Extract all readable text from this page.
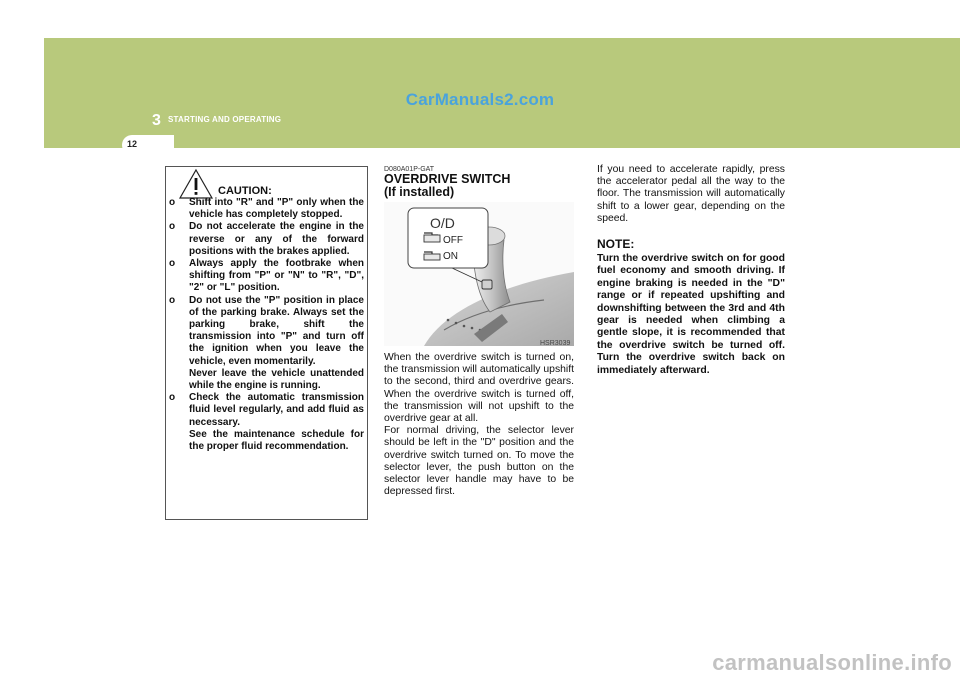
CarManuals2.com
3 STARTING AND OPERATING
12
CAUTION:
o	Shift into "R" and "P" only when the vehicle has completely stopped.

o	Do not accelerate the engine in the reverse or any of the forward positions with the brakes applied.

o	Always apply the footbrake when shifting from "P" or "N" to "R", "D", "2" or "L" position.

o	Do not use the "P" position in place of the parking brake. Always set the parking brake, shift the transmission into "P" and turn off the ignition when you leave the vehicle, even momentarily.

Never leave the vehicle unattended while the engine is running.

o	Check the automatic transmission fluid level regularly, and add fluid as necessary.

See the maintenance schedule for the proper fluid recommendation.

D080A01P-GAT
OVERDRIVE SWITCH
(If installed)
O/D
OFF
ON
HSR3039

When the overdrive switch is turned on, the transmission will automatically upshift to the second, third and overdrive gears. When the overdrive switch is turned off, the transmission will not upshift to the overdrive gear at all.

For normal driving, the selector lever should be left in the "D" position and the overdrive switch turned on. To move the selector lever, the push button on the selector lever handle may have to be depressed first.

If you need to accelerate rapidly, press the accelerator pedal all the way to the floor. The transmission will automatically shift to a lower gear, depending on the speed.

NOTE:
Turn the overdrive switch on for good fuel economy and smooth driving. If engine braking is needed in the "D" range or if repeated upshifting and downshifting between the 3rd and 4th gear is needed when climbing a gentle slope, it is recommended that the overdrive switch be turned off. Turn the overdrive switch back on immediately afterward.
carmanualsonline.info
